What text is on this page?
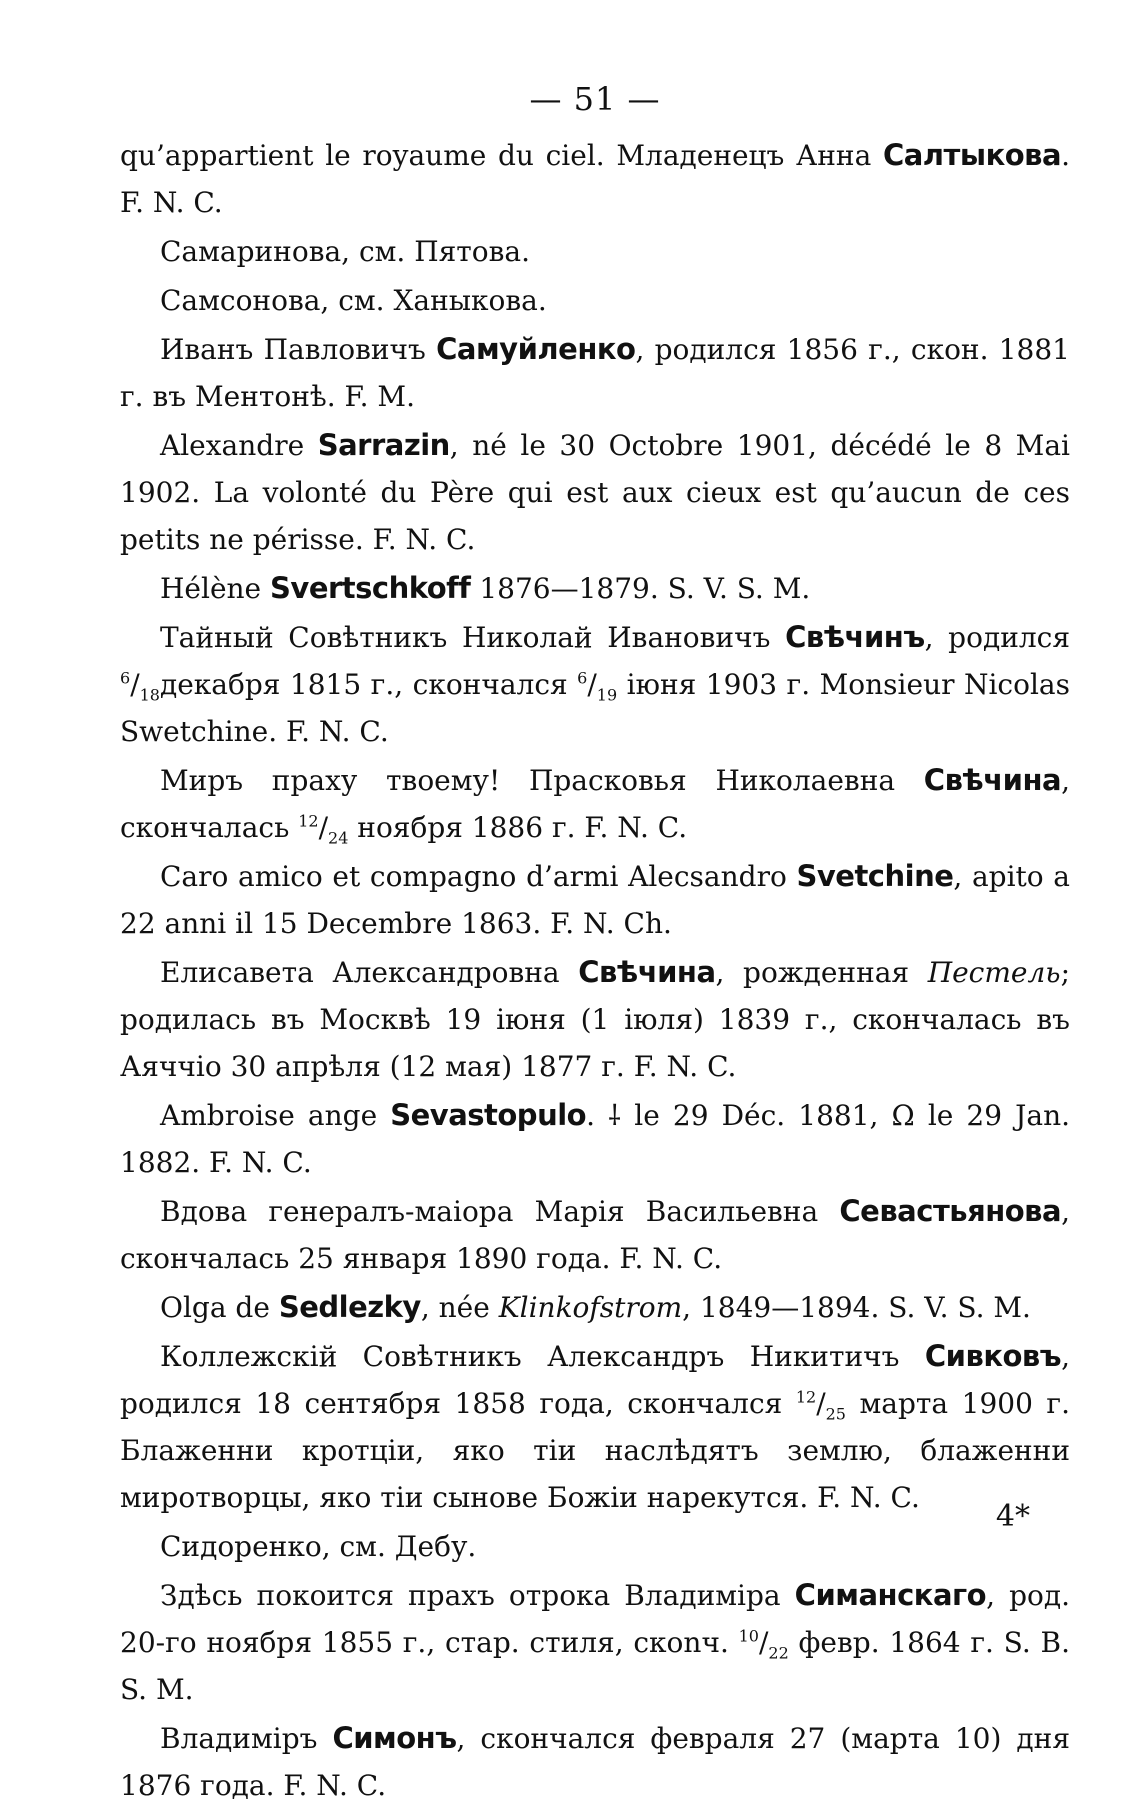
— 51 —

qu’appartient le royaume du ciel. Младенецъ Анна Салтыкова. F. N. C.

Самаринова, см. Пятова.

Самсонова, см. Ханыкова.

Иванъ Павловичъ Самуйленко, родился 1856 г., скон. 1881 г. въ Ментонѣ. F. M.

Alexandre Sarrazin, né le 30 Octobre 1901, décédé le 8 Mai 1902. La volonté du Père qui est aux cieux est qu’aucun de ces petits ne périsse. F. N. C.

Hélène Svertschkoff 1876—1879. S. V. S. M.

Тайный Совѣтникъ Николай Ивановичъ Свѣчинъ, родился $^6/_{18}декабря$ 1815 г., скончался $^6/_{19}$ іюня 1903 г. Monsieur Nicolas Swetchine. F. N. C.

Миръ праху твоему! Прасковья Николаевна Свѣчина, скончалась $^{12}/_{24}$ ноября 1886 г. F. N. C.

Caro amico et compagno d’armi Alecsandro Svetchine, apito a 22 anni il 15 Decembre 1863. F. N. Ch.

Елисавета Александровна Свѣчина, рожденная Пестель; родилась въ Москвѣ 19 іюня (1 іюля) 1839 г., скончалась въ Аяччіо 30 апрѣля (12 мая) 1877 г. F. N. C.

Ambroise ange Sevastopulo. ⸸ le 29 Déc. 1881, Ω le 29 Jan. 1882. F. N. C.

Вдова генералъ-маіора Марія Васильевна Севастьянова, скончалась 25 января 1890 года. F. N. C.

Olga de Sedlezky, née Klinkofstrom, 1849—1894. S. V. S. M.

Коллежскій Совѣтникъ Александръ Никитичъ Сивковъ, родился 18 сентября 1858 года, скончался $^{12}/_{25}$ марта 1900 г. Блаженни кротціи, яко тіи наслѣдятъ землю, блаженни миротворцы, яко тіи сынове Божіи нарекутся. F. N. C.

Сидоренко, см. Дебу.

Здѣсь покоится прахъ отрока Владиміра Симанскаго, род. 20-го ноября 1855 г., стар. стиля, скonч. $^{10}/_{22}$ февр. 1864 г. S. B. S. M.

Владиміръ Симонъ, скончался февраля 27 (марта 10) дня 1876 года. F. N. C.

4*
